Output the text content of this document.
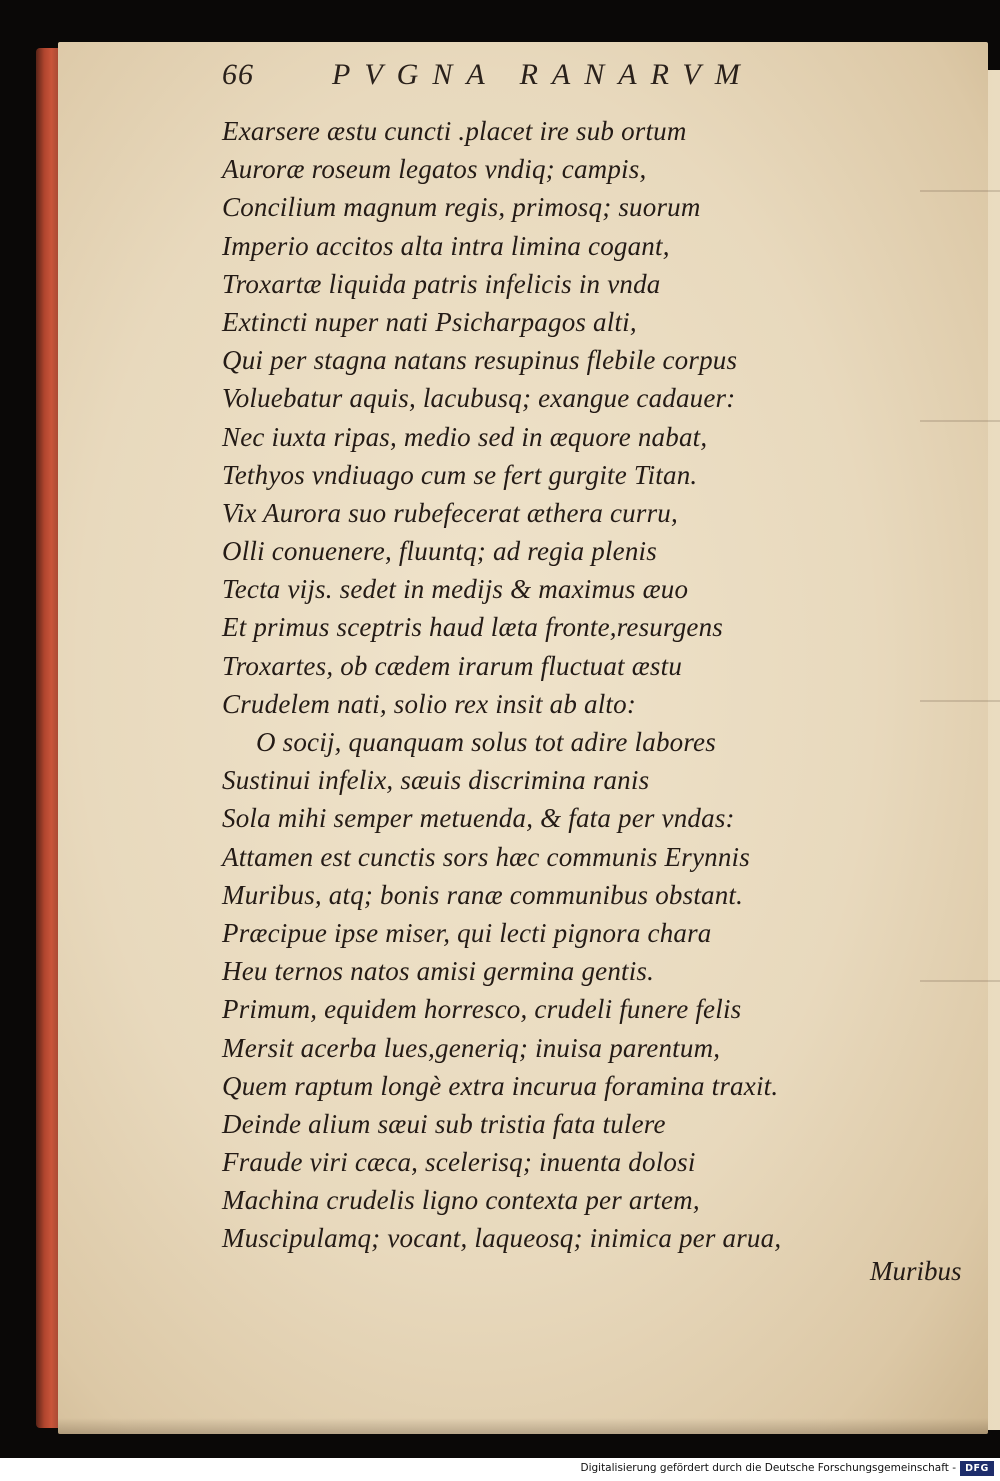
66	PVGNA RANARVM
Exarsere æstu cuncti .placet ire sub ortum
Auroræ roseum legatos vndiq; campis,
Concilium magnum regis, primosq; suorum
Imperio accitos alta intra limina cogant,
Troxartæ liquida patris infelicis in vnda
Extincti nuper nati Psicharpagos alti,
Qui per stagna natans resupinus flebile corpus
Voluebatur aquis, lacubusq; exangue cadauer:
Nec iuxta ripas, medio sed in æquore nabat,
Tethyos vndiuago cum se fert gurgite Titan.
Vix Aurora suo rubefecerat æthera curru,
Olli conuenere, fluuntq; ad regia plenis
Tecta vijs. sedet in medijs & maximus æuo
Et primus sceptris haud læta fronte,resurgens
Troxartes, ob cædem irarum fluctuat æstu
Crudelem nati, solio rex insit ab alto:
O socij, quanquam solus tot adire labores
Sustinui infelix, sæuis discrimina ranis
Sola mihi semper metuenda, & fata per vndas:
Attamen est cunctis sors hæc communis Erynnis
Muribus, atq; bonis ranæ communibus obstant.
Præcipue ipse miser, qui lecti pignora chara
Heu ternos natos amisi germina gentis.
Primum, equidem horresco, crudeli funere felis
Mersit acerba lues,generiq; inuisa parentum,
Quem raptum longè extra incurua foramina traxit.
Deinde alium sæui sub tristia fata tulere
Fraude viri cæca, scelerisq; inuenta dolosi
Machina crudelis ligno contexta per artem,
Muscipulamq; vocant, laqueosq; inimica per arua,
Muribus
Digitalisierung gefördert durch die Deutsche Forschungsgemeinschaft - DFG
